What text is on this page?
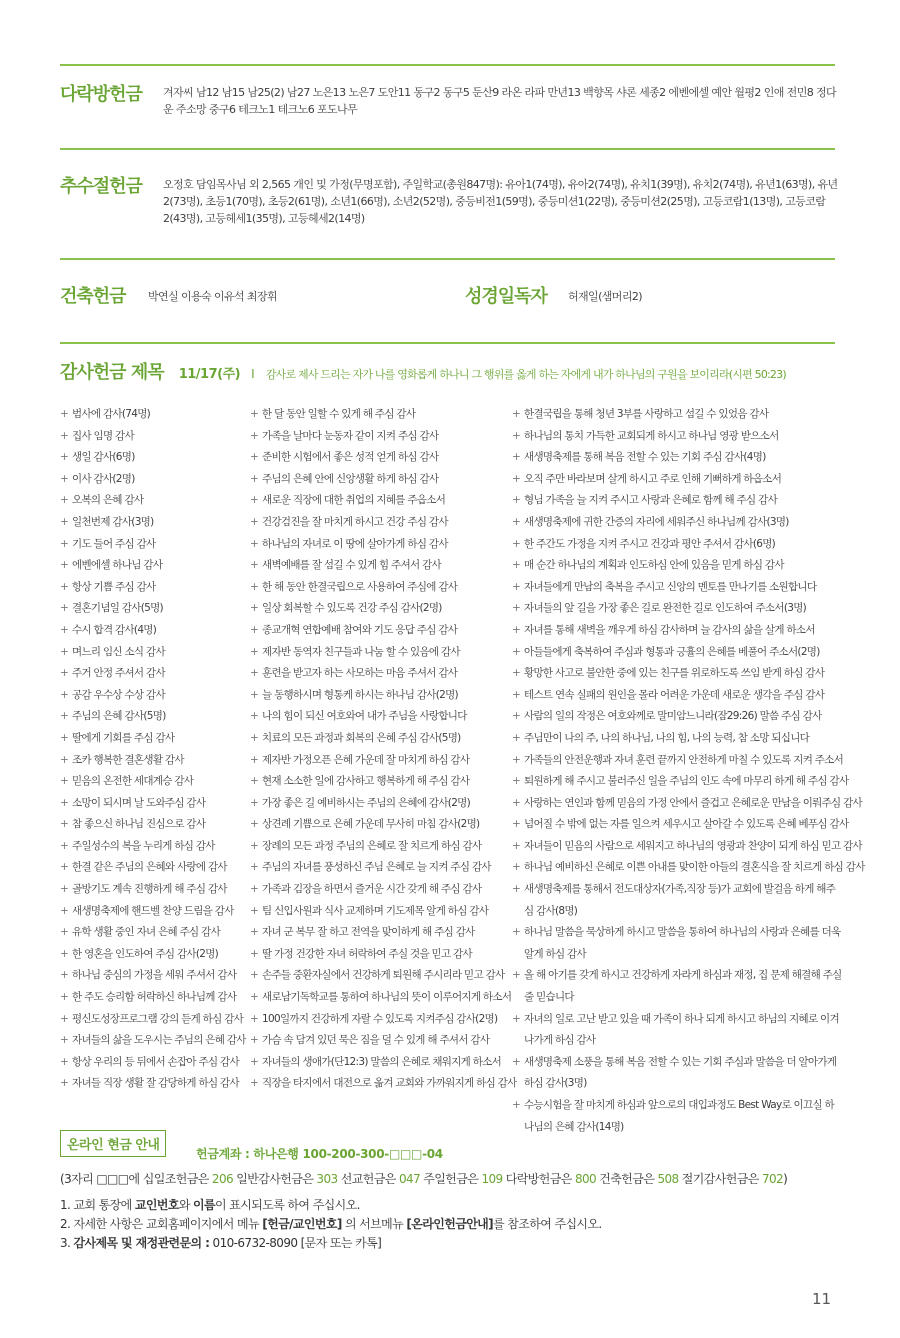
다락방헌금 겨자씨 남12 남15 남25(2) 남27 노은13 노은7 도안11 동구2 동구5 둔산9 라온 라파 만년13 백향목 샤론 세종2 에벤에셀 예안 월평2 인애 전민8 정다운 주소망 중구6 테크노1 테크노6 포도나무
추수절헌금 오정호 담임목사님 외 2,565 개인 및 가정(무명포함), 주일학교(총원847명): 유아1(74명), 유아2(74명), 유치1(39명), 유치2(74명), 유년1(63명), 유년2(73명), 초등1(70명), 초등2(61명), 소년1(66명), 소년2(52명), 중등비전1(59명), 중등미션1(22명), 중등미션2(25명), 고등코람1(13명), 고등코람2(43명), 고등헤세1(35명), 고등헤세2(14명)
건축헌금 박연실 이용숙 이유석 최장휘	성경일독자 허재일(샘머리2)
감사헌금 제목 11/17(주) I 감사로 제사 드리는 자가 나를 영화롭게 하나니 그 행위를 옳게 하는 자에게 내가 하나님의 구원을 보이리라(시편 50:23)
+ 범사에 감사(74명)
+ 집사 임명 감사
+ 생일 감사(6명)
+ 이사 감사(2명)
+ 오복의 은혜 감사
+ 일천번제 감사(3명)
+ 기도 들어 주심 감사
+ 에벤에셀 하나님 감사
+ 항상 기쁨 주심 감사
+ 결혼기념일 감사(5명)
+ 수시 합격 감사(4명)
+ 며느리 임신 소식 감사
+ 주거 안정 주셔서 감사
+ 공감 우수상 수상 감사
+ 주님의 은혜 감사(5명)
+ 딸에게 기회를 주심 감사
+ 조카 행복한 결혼생활 감사
+ 믿음의 온전한 세대계승 감사
+ 소망이 되시며 날 도와주심 감사
+ 참 좋으신 하나님 진심으로 감사
+ 주일성수의 복을 누리게 하심 감사
+ 한결 같은 주님의 은혜와 사랑에 감사
+ 골방기도 계속 진행하게 해 주심 감사
+ 새생명축제에 핸드벨 찬양 드림을 감사
+ 유학 생활 중인 자녀 은혜 주심 감사
+ 한 영혼을 인도하여 주심 감사(2명)
+ 하나님 중심의 가정을 세워 주셔서 감사
+ 한 주도 승리함 허락하신 하나님께 감사
+ 평신도성장프로그램 강의 듣게 하심 감사
+ 자녀들의 삶을 도우시는 주님의 은혜 감사
+ 항상 우리의 등 뒤에서 손잡아 주심 감사
+ 자녀들 직장 생활 잘 감당하게 하심 감사
+ 한 달 동안 일할 수 있게 해 주심 감사
+ 가족을 날마다 눈동자 같이 지켜 주심 감사
+ 준비한 시험에서 좋은 성적 얻게 하심 감사
+ 주님의 은혜 안에 신앙생활 하게 하심 감사
+ 새로운 직장에 대한 취업의 지혜를 주옵소서
+ 건강검진을 잘 마치게 하시고 건강 주심 감사
+ 하나님의 자녀로 이 땅에 살아가게 하심 감사
+ 새벽예배를 잘 섬길 수 있게 힘 주셔서 감사
+ 한 해 동안 한결국립으로 사용하여 주심에 감사
+ 일상 회복할 수 있도록 건강 주심 감사(2명)
+ 종교개혁 연합예배 참여와 기도 응답 주심 감사
+ 제자반 동역자 친구들과 나눔 할 수 있음에 감사
+ 훈련을 받고자 하는 사모하는 마음 주셔서 감사
+ 늘 동행하시며 형통케 하시는 하나님 감사(2명)
+ 나의 힘이 되신 여호와여 내가 주님을 사랑합니다
+ 치료의 모든 과정과 회복의 은혜 주심 감사(5명)
+ 제자반 가정오픈 은혜 가운데 잘 마치게 하심 감사
+ 현재 소소한 일에 감사하고 행복하게 해 주심 감사
+ 가장 좋은 길 예비하시는 주님의 은혜에 감사(2명)
+ 상견례 기쁨으로 은혜 가운데 무사히 마침 감사(2명)
+ 장례의 모든 과정 주님의 은혜로 잘 치르게 하심 감사
+ 주님의 자녀를 풍성하신 주님 은혜로 늘 지켜 주심 감사
+ 가족과 김장을 하면서 즐거운 시간 갖게 해 주심 감사
+ 팀 신입사원과 식사 교제하며 기도제목 알게 하심 감사
+ 자녀 군 복무 잘 하고 전역을 맞이하게 해 주심 감사
+ 딸 가정 건강한 자녀 허락하여 주실 것을 믿고 감사
+ 손주들 중환자실에서 건강하게 퇴원해 주시리라 믿고 감사
+ 새로남기독학교를 통하여 하나님의 뜻이 이루어지게 하소서
+ 100일까지 건강하게 자랄 수 있도록 지켜주심 감사(2명)
+ 가슴 속 담겨 있던 묵은 짐을 덜 수 있게 해 주셔서 감사
+ 자녀들의 생애가(단12:3) 말씀의 은혜로 채워지게 하소서
+ 직장을 타지에서 대전으로 옮겨 교회와 가까워지게 하심 감사
+ 한결국립을 통해 청년 3부를 사랑하고 섬길 수 있었음 감사
+ 하나님의 통치 가득한 교회되게 하시고 하나님 영광 받으소서
+ 새생명축제를 통해 복음 전할 수 있는 기회 주심 감사(4명)
+ 오직 주만 바라보며 살게 하시고 주로 인해 기뻐하게 하옵소서
+ 형님 가족을 늘 지켜 주시고 사랑과 은혜로 함께 해 주심 감사
+ 새생명축제에 귀한 간증의 자리에 세워주신 하나님께 감사(3명)
+ 한 주간도 가정을 지켜 주시고 건강과 평안 주셔서 감사(6명)
+ 매 순간 하나님의 계획과 인도하심 안에 있음을 믿게 하심 감사
+ 자녀들에게 만남의 축복을 주시고 신앙의 멘토를 만나기를 소원합니다
+ 자녀들의 앞 길을 가장 좋은 길로 완전한 길로 인도하여 주소서(3명)
+ 자녀를 통해 새벽을 깨우게 하심 감사하며 늘 감사의 삶을 살게 하소서
+ 아들들에게 축복하여 주심과 형통과 긍휼의 은혜를 베풀어 주소서(2명)
+ 황망한 사고로 불안한 중에 있는 친구를 위로하도록 쓰임 받게 하심 감사
+ 테스트 연속 실패의 원인을 몰라 어려운 가운데 새로운 생각을 주심 감사
+ 사람의 일의 작정은 여호와께로 말미암느니라(잠29:26) 말씀 주심 감사
+ 주님만이 나의 주, 나의 하나님, 나의 힘, 나의 능력, 참 소망 되십니다
+ 가족들의 안전운행과 자녀 훈련 끝까지 안전하게 마칠 수 있도록 지켜 주소서
+ 퇴원하게 해 주시고 불러주신 일을 주님의 인도 속에 마무리 하게 해 주심 감사
+ 사랑하는 연인과 함께 믿음의 가정 안에서 즐겁고 은혜로운 만남을 이뤄주심 감사
+ 넘어질 수 밖에 없는 자를 일으켜 세우시고 살아갈 수 있도록 은혜 베푸심 감사
+ 자녀들이 믿음의 사람으로 세워지고 하나님의 영광과 찬양이 되게 하심 믿고 감사
+ 하나님 예비하신 은혜로 이쁜 아내를 맞이한 아들의 결혼식을 잘 치르게 하심 감사
+ 새생명축제를 통해서 전도대상자(가족,직장 등)가 교회에 발걸음 하게 해주심 감사(8명)
+ 하나님 말씀을 묵상하게 하시고 말씀을 통하여 하나님의 사랑과 은혜를 더욱 알게 하심 감사
+ 올 해 아기를 갖게 하시고 건강하게 자라게 하심과 재정, 집 문제 해결해 주실 줄 믿습니다
+ 자녀의 일로 고난 받고 있을 때 가족이 하나 되게 하시고 하님의 지혜로 이겨나가게 하심 감사
+ 새생명축제 소풍을 통해 복음 전할 수 있는 기회 주심과 말씀을 더 알아가게 하심 감사(3명)
+ 수능시험을 잘 마치게 하심과 앞으로의 대입과정도 Best Way로 이끄실 하나님의 은혜 감사(14명)
온라인 현금 안내
헌금계좌 : 하나은행 100-200-300-□□□-04
(3자리 □□□에 십일조헌금은 206 일반감사헌금은 303 선교헌금은 047 주일헌금은 109 다락방헌금은 800 건축헌금은 508 절기감사헌금은 702)
1. 교회 통장에 교인번호와 이름이 표시되도록 하여 주십시오.
2. 자세한 사항은 교회홈페이지에서 메뉴 [헌금/교인번호] 의 서브메뉴 [온라인헌금안내]를 참조하여 주십시오.
3. 감사제목 및 재정관련문의 : 010-6732-8090 [문자 또는 카톡]
11
